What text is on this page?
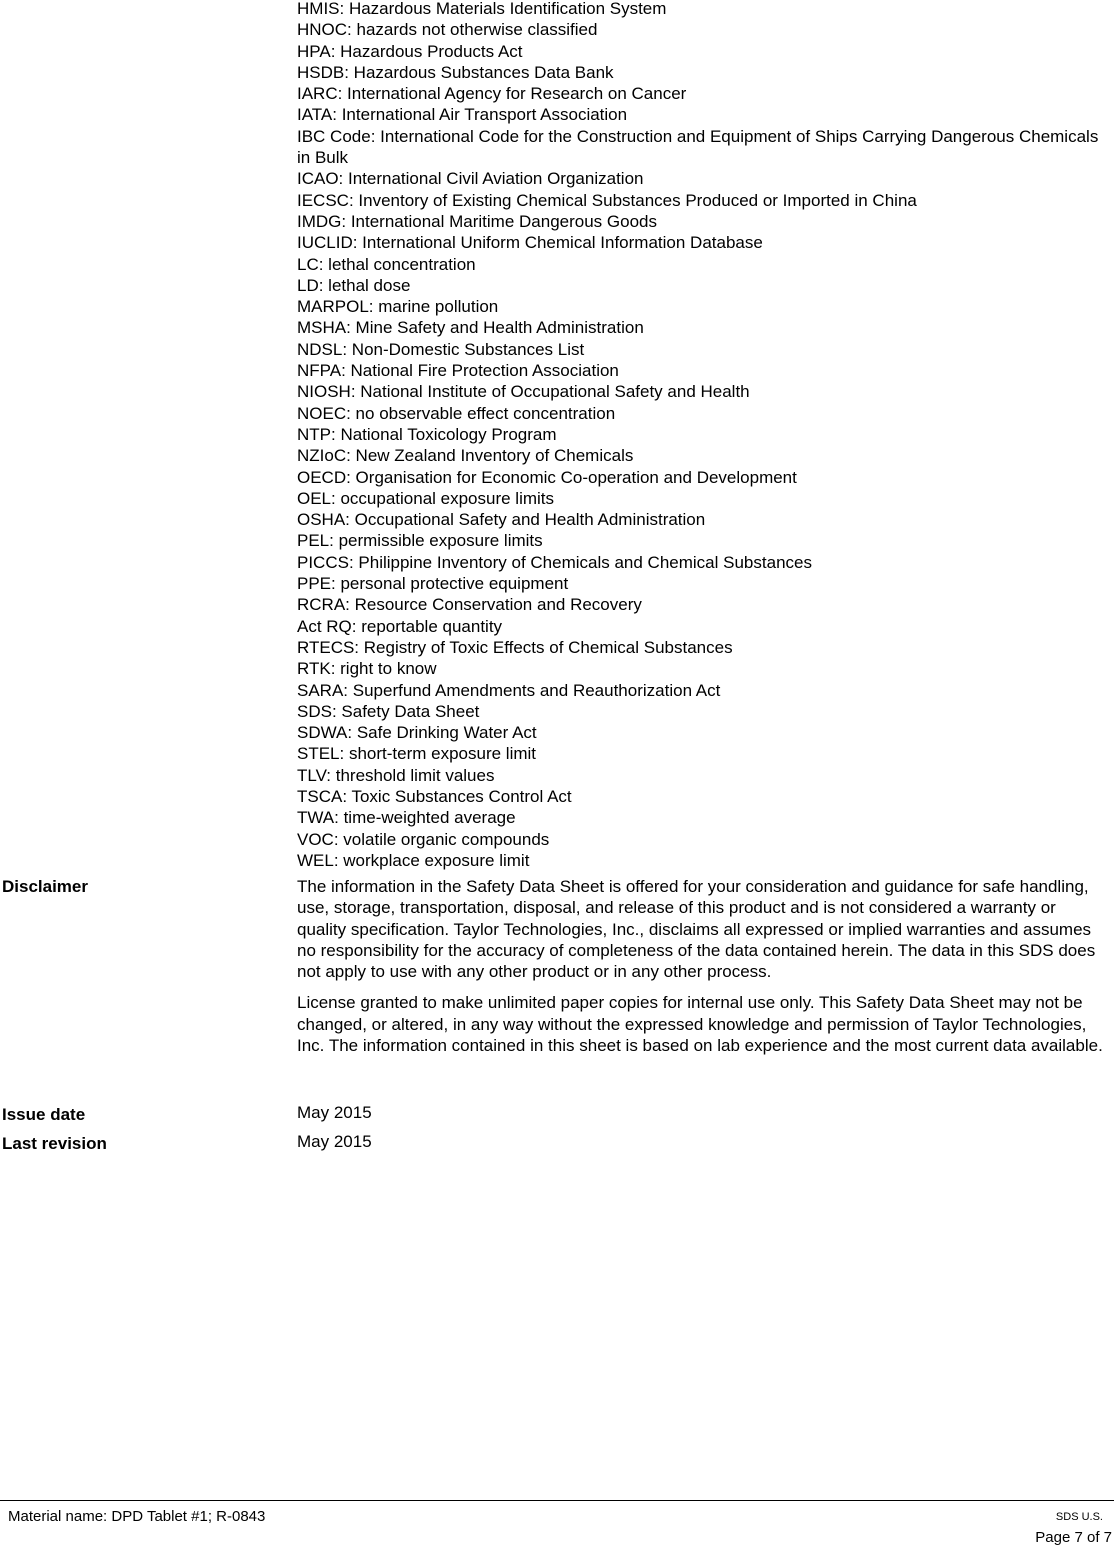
HMIS: Hazardous Materials Identification System
HNOC: hazards not otherwise classified
HPA: Hazardous Products Act
HSDB: Hazardous Substances Data Bank
IARC: International Agency for Research on Cancer
IATA: International Air Transport Association
IBC Code: International Code for the Construction and Equipment of Ships Carrying Dangerous Chemicals in Bulk
ICAO: International Civil Aviation Organization
IECSC: Inventory of Existing Chemical Substances Produced or Imported in China
IMDG: International Maritime Dangerous Goods
IUCLID: International Uniform Chemical Information Database
LC: lethal concentration
LD: lethal dose
MARPOL: marine pollution
MSHA: Mine Safety and Health Administration
NDSL: Non-Domestic Substances List
NFPA: National Fire Protection Association
NIOSH: National Institute of Occupational Safety and Health
NOEC: no observable effect concentration
NTP: National Toxicology Program
NZIoC: New Zealand Inventory of Chemicals
OECD: Organisation for Economic Co-operation and Development
OEL: occupational exposure limits
OSHA: Occupational Safety and Health Administration
PEL: permissible exposure limits
PICCS: Philippine Inventory of Chemicals and Chemical Substances
PPE: personal protective equipment
RCRA: Resource Conservation and Recovery
Act RQ: reportable quantity
RTECS: Registry of Toxic Effects of Chemical Substances
RTK: right to know
SARA: Superfund Amendments and Reauthorization Act
SDS: Safety Data Sheet
SDWA: Safe Drinking Water Act
STEL: short-term exposure limit
TLV: threshold limit values
TSCA: Toxic Substances Control Act
TWA: time-weighted average
VOC: volatile organic compounds
WEL: workplace exposure limit
Disclaimer	The information in the Safety Data Sheet is offered for your consideration and guidance for safe handling, use, storage, transportation, disposal, and release of this product and is not considered a warranty or quality specification. Taylor Technologies, Inc., disclaims all expressed or implied warranties and assumes no responsibility for the accuracy of completeness of the data contained herein. The data in this SDS does not apply to use with any other product or in any other process.

License granted to make unlimited paper copies for internal use only. This Safety Data Sheet may not be changed, or altered, in any way without the expressed knowledge and permission of Taylor Technologies, Inc. The information contained in this sheet is based on lab experience and the most current data available.

Issue date	May 2015
Last revision	May 2015
Material name: DPD Tablet #1; R-0843	SDS U.S.
Page 7 of 7
